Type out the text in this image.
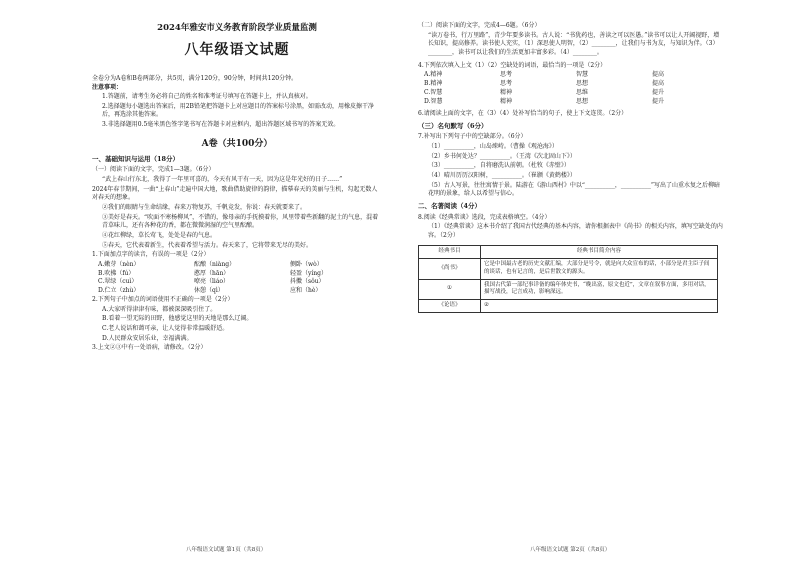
2024年雅安市义务教育阶段学业质量监测
八年级语文试题
全卷分为A卷和B卷两部分，共5页，满分120分，90分钟，时间共120分钟。
注意事项：
1.答题前，请考生务必将自己的姓名和准考证号填写在答题卡上，并认真核对。
2.选择题每小题选出答案后，用2B铅笔把答题卡上对应题目的答案标号涂黑，如需改动，用橡皮擦干净后，再选涂其他答案。
3.非选择题用0.5毫米黑色签字笔书写在答题卡对应框内，超出答题区域书写的答案无效。
A卷（共100分）
一、基础知识与运用（18分）
（一）阅读下面的文字，完成1—3题。（6分）
“武上春山行东北，我得了一年里可喜的，今天有风干有一天，因为这是年光好的日子……”
2024年春节期间，一曲“上春山”走遍中国大地，歌曲借助旋律的韵律，描摹春天的美丽与生机，勾起无数人对春天的想象。
②我们的眼睛与生命结缘，春来万物复苏，千帆竞发，你说：春天就要来了。
③美好是春天。“吹面不寒杨柳风”，不错的，像母亲的手抚摸着你，风里带着些新翻的泥土的气息，混着青草味儿，还有各种花的香，都在微微润湿的空气里酝酿。
④花红柳绿，草长莺飞，处处是春的气息。
⑤春天，它代表着新生，代表着希望与活力。春天来了，它将带来无尽的美好。
1.下面加点字的读音，有误的一项是（2分）
A.嫩芽（nèn）	酝酿（niàng）	侧卧（wò）
B.吹拂（fú）	憨厚（hān）	轻盈（yíng）
C.翠绿（cuì）	嘹亮（liáo）	抖擞（sǒu）
D.伫立（zhù）	休憩（qì）	应和（hè）
2.下列句子中加点的词语使用不正确的一项是（2分）
A.大家听得津津有味，都被深深吸引住了。
B.看着一望无际的田野，他感觉这里的天地是那么辽阔。
C.老人说话和蔼可亲，让人觉得非常温暖舒适。
D.人民群众安居乐业，幸福满满。
3.上文②③中有一处语病，请修改。（2分）
八年级语文试题 第1页（共8页）
（二）阅读下面的文字，完成4—6题。（6分）
“读万卷书，行万里路”，青少年要多读书。古人说：“书犹药也，善读之可以医愚。”读书可以让人开阔视野，增长知识，提高修养。读书使人充实，（1）深思使人明智，（2）________，让我们与书为友，与知识为伴。（3）________，读书可以让我们的生活更加丰富多彩。（4）________。
4.下列依次填入上文（1）（2）空缺处的词语，最恰当的一项是（2分）
A.精神	思考	智慧	提高
B.精神	思考	思想	提高
C.智慧	精神	思维	提升
D.智慧	精神	思想	提升
6.请阅读上面的文字，在（3）（4）处补写恰当的句子，使上下文连贯。（2分）
（三）名句默写（6分）
7.补写出下列句子中的空缺部分。（6分）
（1）__________，山岛竦峙。（曹操《观沧海》）
（2）乡书何处达？__________。（王湾《次北固山下》）
（3）__________，自将磨洗认前朝。（杜牧《赤壁》）
（4）晴川历历汉阳树，__________。（崔颢《黄鹤楼》）
（5）古人写景，往往寓情于景。陆游在《游山西村》中以“__________，__________”写出了山重水复之后柳暗花明的景象，给人以希望与信心。
二、名著阅读（4分）
8.阅读《经典常谈》选段，完成表格填空。（4分）
（1）《经典常谈》这本书介绍了我国古代经典的基本内容，请你根据表中《尚书》的相关内容，填写空缺处的内容。（2分）
经典书目	经典书目简介内容
《尚书》	它是中国最古老的历史文献汇编，大部分是号令，就是向大众宣布的话，小部分是君主臣子间的谈话，也有记言的，是后世散文的源头。
①	我国古代第一部纪事详备的编年体史书，“晚出富，原文也近”，文章在叙事方面，多用对话，描写战役，记言成功，影响深远。
《论语》	②
八年级语文试题 第2页（共8页）
